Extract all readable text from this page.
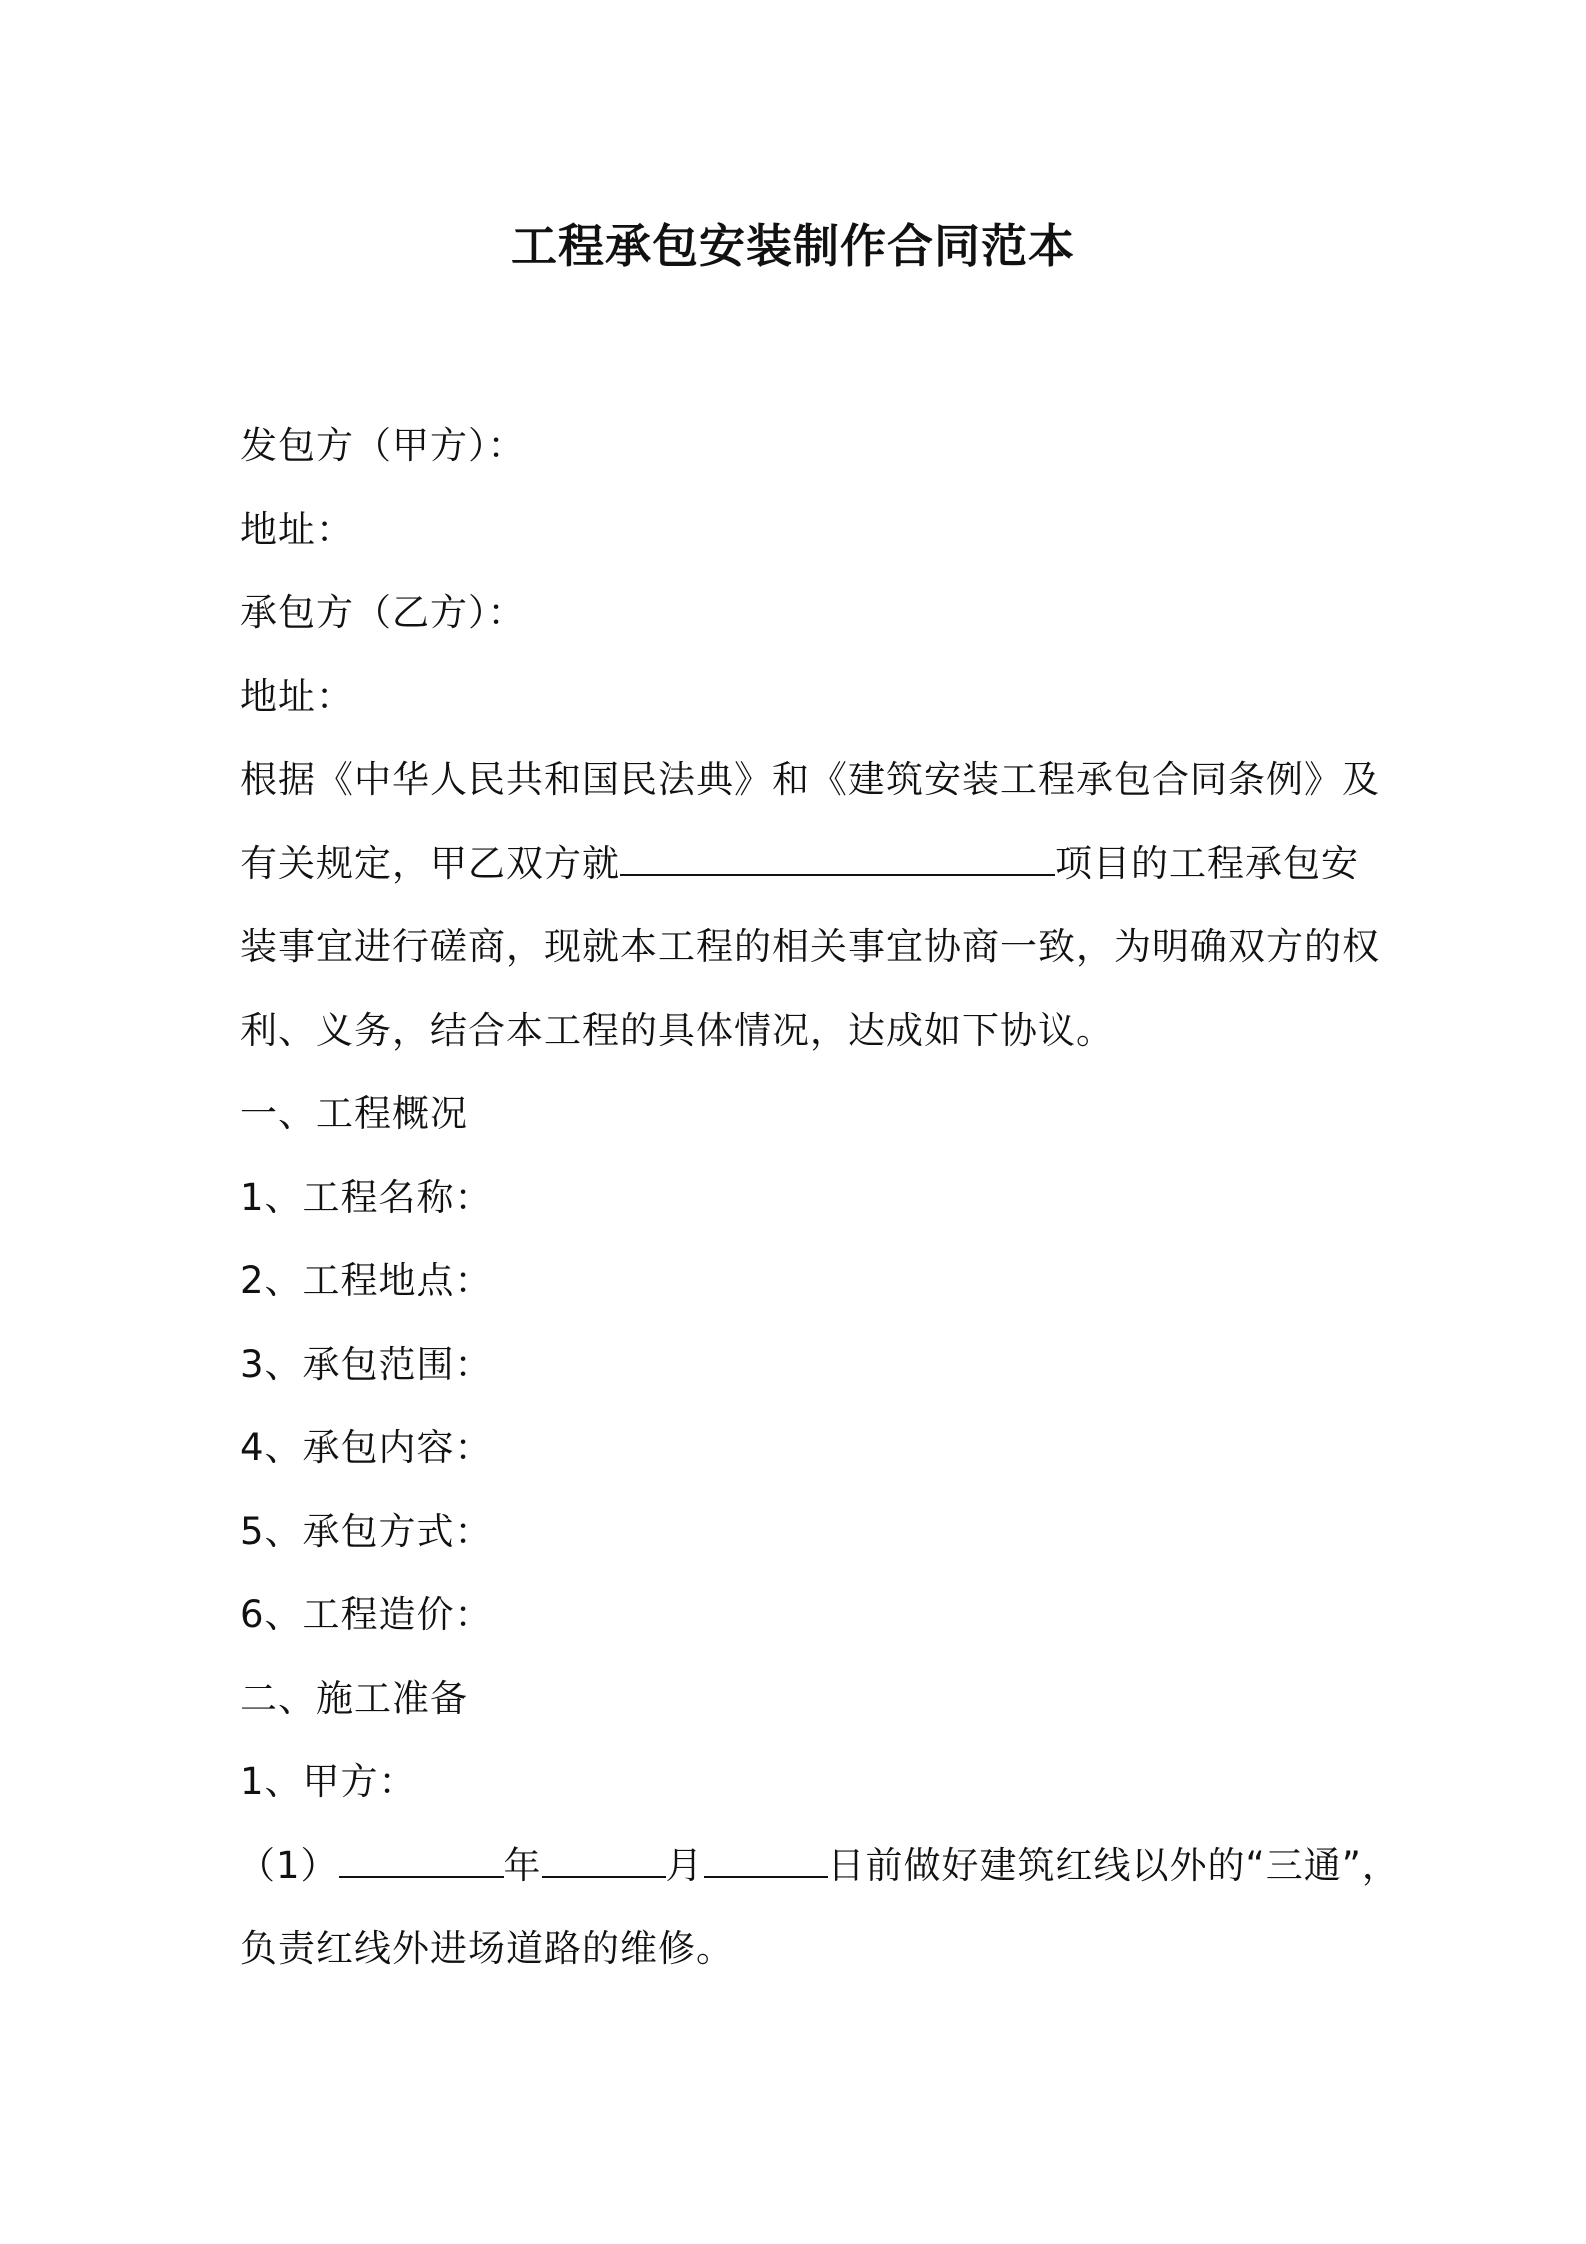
工程承包安装制作合同范本
发包方（甲方）：
地址：
承包方（乙方）：
地址：
根据《中华人民共和国民法典》和《建筑安装工程承包合同条例》及
有关规定，甲乙双方就	项目的工程承包安
装事宜进行磋商，现就本工程的相关事宜协商一致，为明确双方的权
利、义务，结合本工程的具体情况，达成如下协议。
一、工程概况
1、工程名称：
2、工程地点：
3、承包范围：
4、承包内容：
5、承包方式：
6、工程造价：
二、施工准备
1、甲方：
（1）	年	月	日前做好建筑红线以外的“三通”，
负责红线外进场道路的维修。
